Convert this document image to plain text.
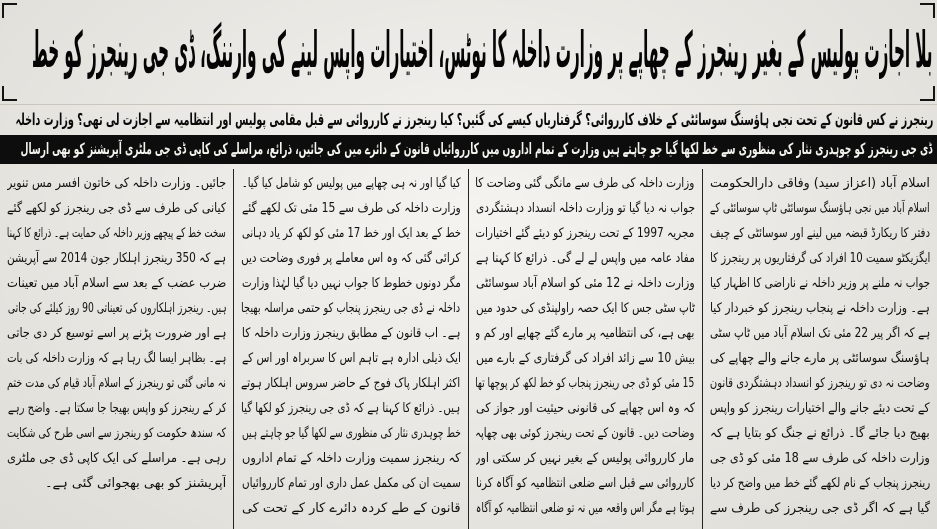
بلا اجازت پولیس کے بغیر رینجرز کے چھاپے پر وزارت داخلہ کا نوٹس، اختیارات واپس لینے کی وارننگ، ڈی جی رینجرز کو خط
رینجرز نے کس قانون کے تحت نجی ہاؤسنگ سوسائٹی کے خلاف کارروائی؟ گرفتاریاں کیسے کی گئیں؟ کیا رینجرز نے کارروائی سے قبل مقامی پولیس اور انتظامیہ سے اجازت لی تھی؟ وزارت داخلہ
ڈی جی رینجرز کو چوہدری نثار کی منظوری سے خط لکھا گیا جو چاہتے ہیں وزارت کے تمام اداروں میں کارروائیاں قانون کے دائرے میں کی جائیں، ذرائع، مراسلے کی کاپی ڈی جی ملٹری آپریشنز کو بھی ارسال
اسلام آباد (اعزاز سید) وفاقی دارالحکومت
اسلام آباد میں نجی ہاؤسنگ سوسائٹی ٹاپ سوسائٹی کے
دفتر کا ریکارڈ قبضہ میں لینے اور سوسائٹی کے چیف
ایگزیکٹو سمیت 10 افراد کی گرفتاریوں پر رینجرز کا
جواب نہ ملنے پر وزیر داخلہ نے ناراضی کا اظہار کیا
ہے۔ وزارت داخلہ نے پنجاب رینجرز کو خبردار کیا
ہے کہ اگر پیر 22 مئی تک اسلام آباد میں ٹاپ سٹی
ہاؤسنگ سوسائٹی پر مارے جانے والے چھاپے کی
وضاحت نہ دی تو رینجرز کو انسداد دہشتگردی قانون
کے تحت دیئے جانے والے اختیارات رینجرز کو واپس
بھیج دیا جائے گا۔ ذرائع نے جنگ کو بتایا ہے کہ
وزارت داخلہ کی طرف سے 18 مئی کو ڈی جی
رینجرز پنجاب کے نام لکھے گئے خط میں واضح کر دیا
گیا ہے کہ اگر ڈی جی رینجرز کی طرف سے
وزارت داخلہ کی طرف سے مانگی گئی وضاحت کا
جواب نہ دیا گیا تو وزارت داخلہ انسداد دہشتگردی
مجریہ 1997 کے تحت رینجرز کو دیئے گئے اختیارات
مفاد عامہ میں واپس لے لے گی۔ ذرائع کا کہنا ہے
وزارت داخلہ نے 12 مئی کو اسلام آباد سوسائٹی
ٹاپ سٹی جس کا ایک حصہ راولپنڈی کی حدود میں
بھی ہے، کی انتظامیہ پر مارے گئے چھاپے اور کم و
بیش 10 سے زائد افراد کی گرفتاری کے بارے میں
15 مئی کو ڈی جی رینجرز پنجاب کو خط لکھ کر پوچھا تھا
کہ وہ اس چھاپے کی قانونی حیثیت اور جواز کی
وضاحت دیں۔ قانون کے تحت رینجرز کوئی بھی چھاپہ
مار کارروائی پولیس کے بغیر نہیں کر سکتی اور
کارروائی سے قبل اسے ضلعی انتظامیہ کو آگاہ کرنا
ہوتا ہے مگر اس واقعہ میں نہ تو ضلعی انتظامیہ کو آگاہ
کیا گیا اور نہ ہی چھاپے میں پولیس کو شامل کیا گیا۔
وزارت داخلہ کی طرف سے 15 مئی تک لکھے گئے
خط کے بعد ایک اور خط 17 مئی کو لکھ کر یاد دہانی
کرائی گئی کہ وہ اس معاملے پر فوری وضاحت دیں
مگر دونوں خطوط کا جواب نہیں دیا گیا لہٰذا وزارت
داخلہ نے ڈی جی رینجرز پنجاب کو حتمی مراسلہ بھیجا
ہے۔ اب قانون کے مطابق رینجرز وزارت داخلہ کا
ایک ذیلی ادارہ ہے تاہم اس کا سربراہ اور اس کے
اکثر اہلکار پاک فوج کے حاضر سروس اہلکار ہوتے
ہیں۔ ذرائع کا کہنا ہے کہ ڈی جی رینجرز کو لکھا گیا
خط چوہدری نثار کی منظوری سے لکھا گیا جو چاہتے ہیں
کہ رینجرز سمیت وزارت داخلہ کے تمام اداروں
سمیت ان کی مکمل عمل داری اور تمام کارروائیاں
قانون کے طے کردہ دائرے کار کے تحت کی
جائیں۔ وزارت داخلہ کی خاتون افسر مس تنویر
کیانی کی طرف سے ڈی جی رینجرز کو لکھے گئے
سخت خط کے پیچھے وزیر داخلہ کی حمایت ہے۔ ذرائع کا کہنا
ہے کہ 350 رینجرز اہلکار جون 2014 سے آپریشن
ضرب عضب کے بعد سے اسلام آباد میں تعینات
ہیں۔ رینجرز اہلکاروں کی تعیناتی 90 روز کیلئے کی جاتی
ہے اور ضرورت پڑنے پر اسے توسیع کر دی جاتی
ہے۔ بظاہر ایسا لگ رہا ہے کہ وزارت داخلہ کی بات
نہ مانی گئی تو رینجرز کے اسلام آباد قیام کی مدت ختم
کر کے رینجرز کو واپس بھیجا جا سکتا ہے۔ واضح رہے
کہ سندھ حکومت کو رینجرز سے اسی طرح کی شکایت
رہی ہے۔ مراسلے کی ایک کاپی ڈی جی ملٹری
آپریشنز کو بھی بھجوائی گئی ہے۔
